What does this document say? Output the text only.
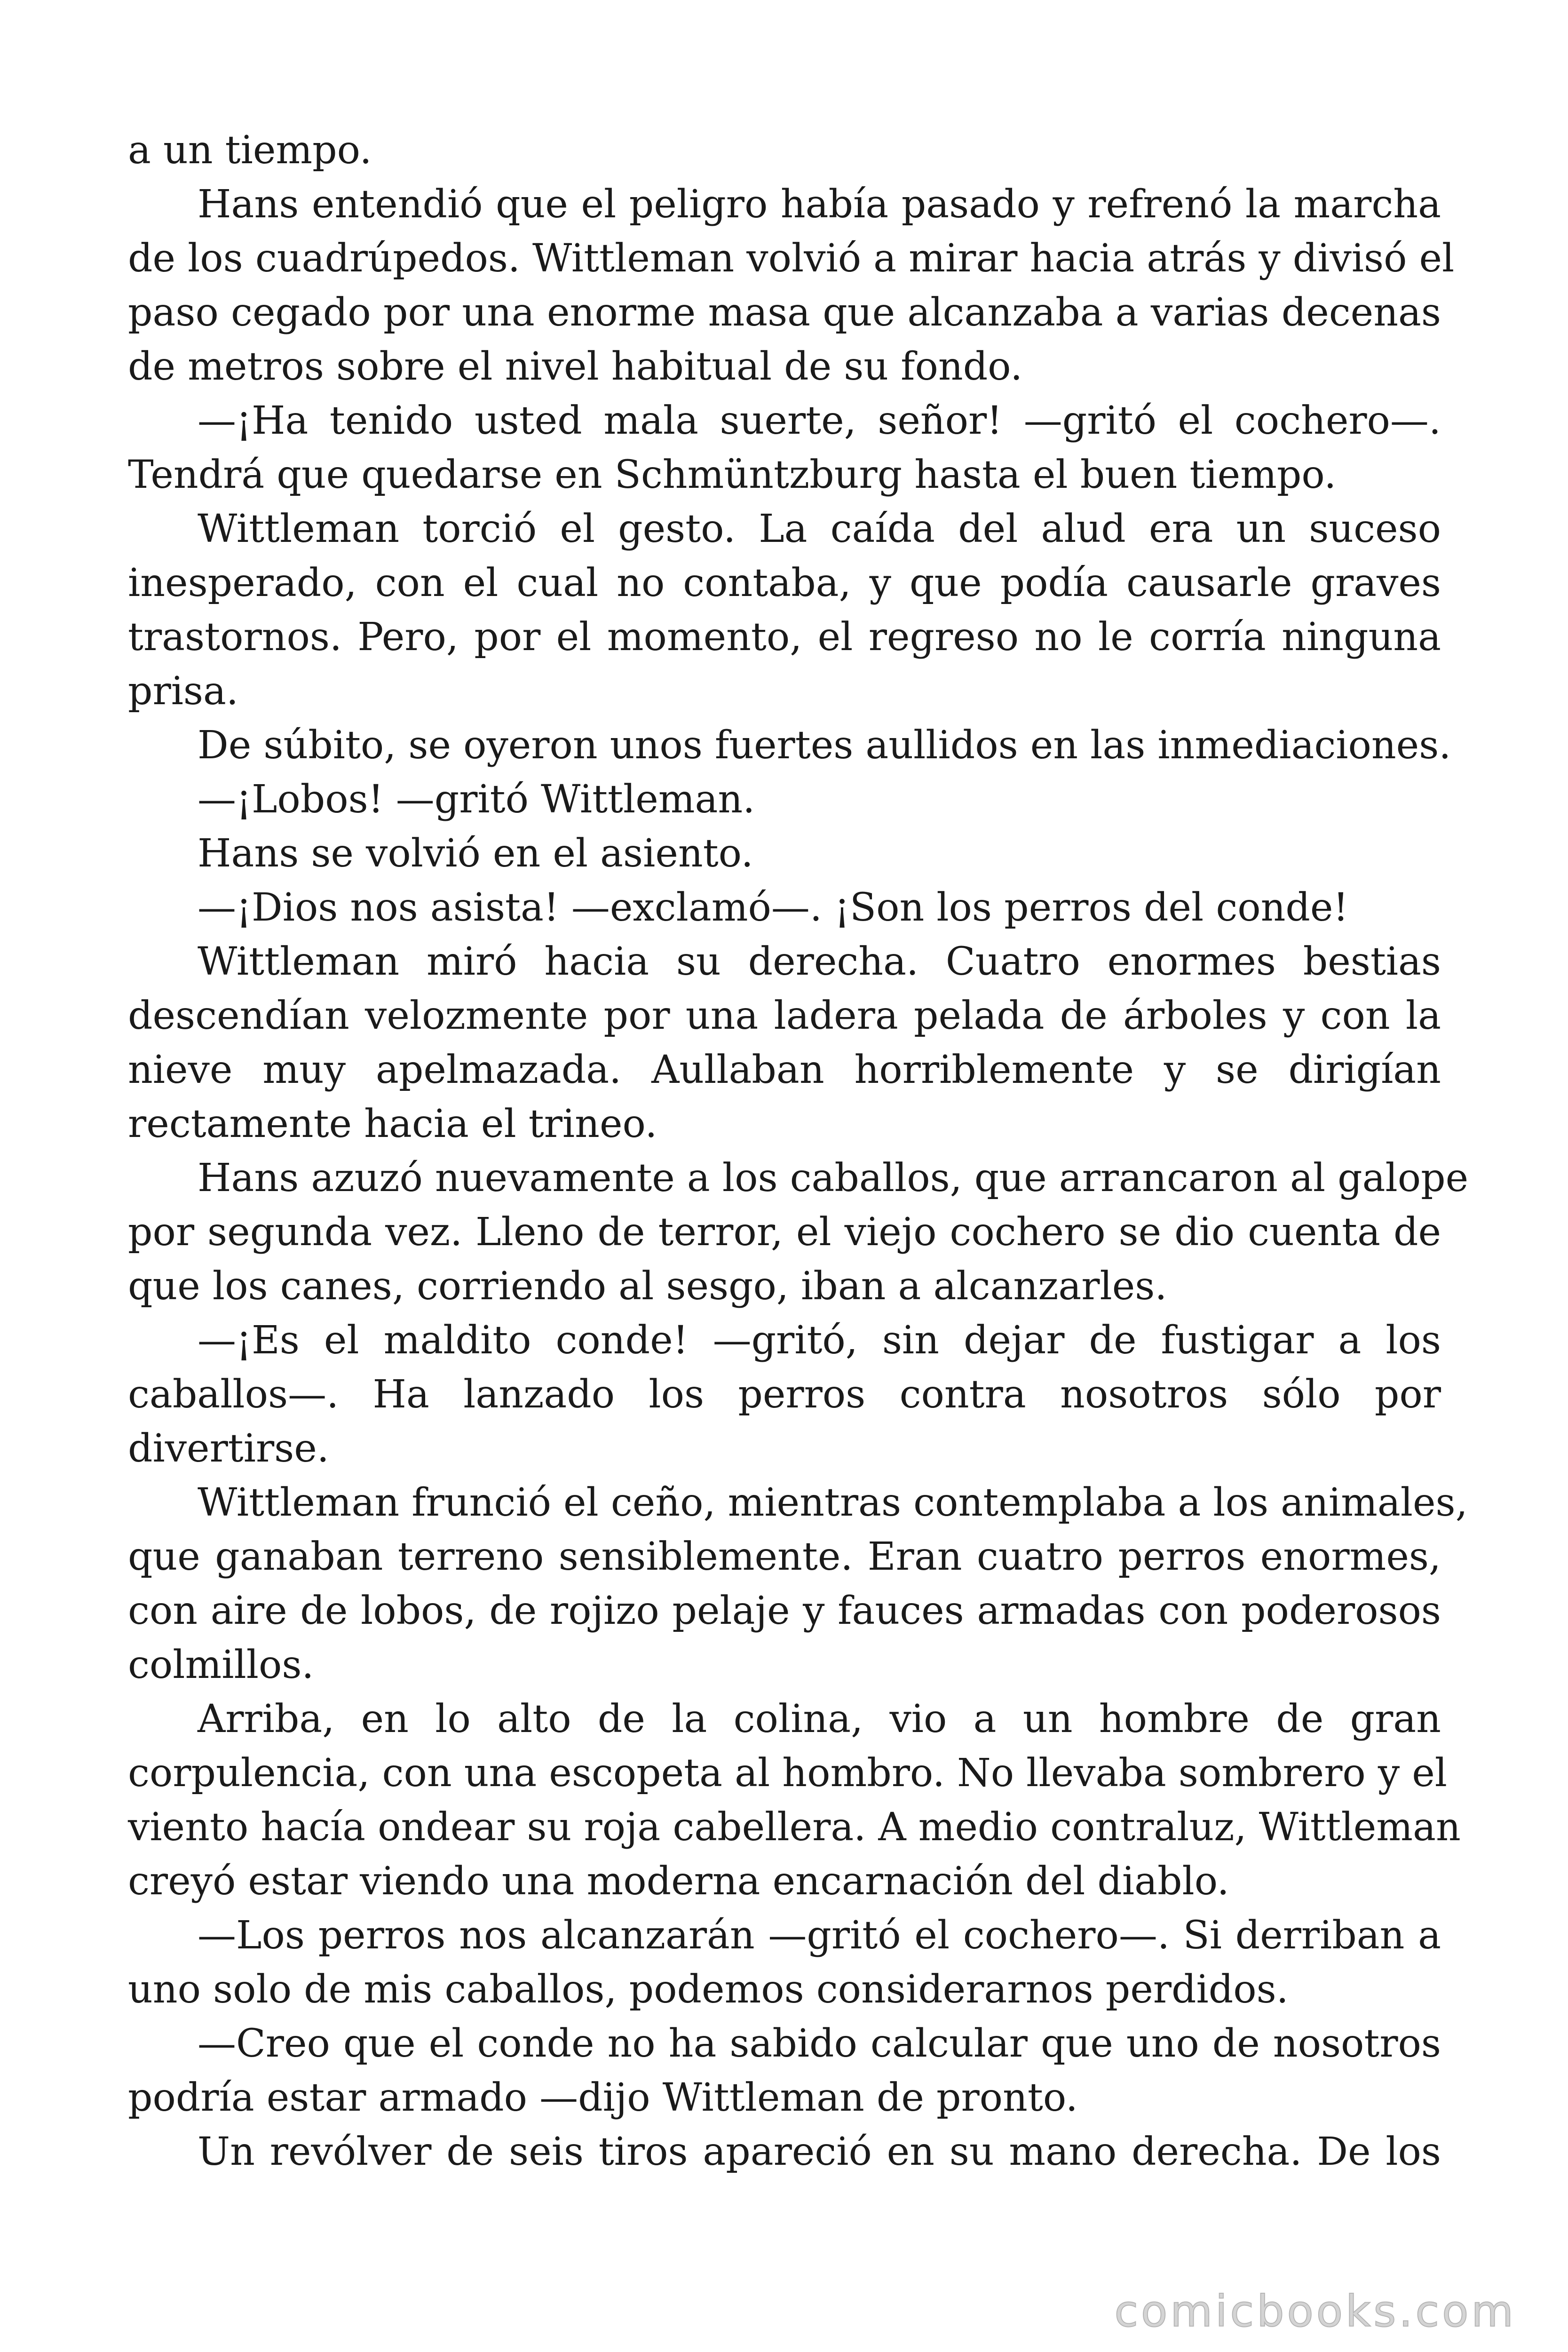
a un tiempo.
Hans entendió que el peligro había pasado y refrenó la marcha
de los cuadrúpedos. Wittleman volvió a mirar hacia atrás y divisó el
paso cegado por una enorme masa que alcanzaba a varias decenas
de metros sobre el nivel habitual de su fondo.
—¡Ha tenido usted mala suerte, señor! —gritó el cochero—.
Tendrá que quedarse en Schmüntzburg hasta el buen tiempo.
Wittleman torció el gesto. La caída del alud era un suceso
inesperado, con el cual no contaba, y que podía causarle graves
trastornos. Pero, por el momento, el regreso no le corría ninguna
prisa.
De súbito, se oyeron unos fuertes aullidos en las inmediaciones.
—¡Lobos! —gritó Wittleman.
Hans se volvió en el asiento.
—¡Dios nos asista! —exclamó—. ¡Son los perros del conde!
Wittleman miró hacia su derecha. Cuatro enormes bestias
descendían velozmente por una ladera pelada de árboles y con la
nieve muy apelmazada. Aullaban horriblemente y se dirigían
rectamente hacia el trineo.
Hans azuzó nuevamente a los caballos, que arrancaron al galope
por segunda vez. Lleno de terror, el viejo cochero se dio cuenta de
que los canes, corriendo al sesgo, iban a alcanzarles.
—¡Es el maldito conde! —gritó, sin dejar de fustigar a los
caballos—. Ha lanzado los perros contra nosotros sólo por
divertirse.
Wittleman frunció el ceño, mientras contemplaba a los animales,
que ganaban terreno sensiblemente. Eran cuatro perros enormes,
con aire de lobos, de rojizo pelaje y fauces armadas con poderosos
colmillos.
Arriba, en lo alto de la colina, vio a un hombre de gran
corpulencia, con una escopeta al hombro. No llevaba sombrero y el
viento hacía ondear su roja cabellera. A medio contraluz, Wittleman
creyó estar viendo una moderna encarnación del diablo.
—Los perros nos alcanzarán —gritó el cochero—. Si derriban a
uno solo de mis caballos, podemos considerarnos perdidos.
—Creo que el conde no ha sabido calcular que uno de nosotros
podría estar armado —dijo Wittleman de pronto.
Un revólver de seis tiros apareció en su mano derecha. De los
comicbooks.com
